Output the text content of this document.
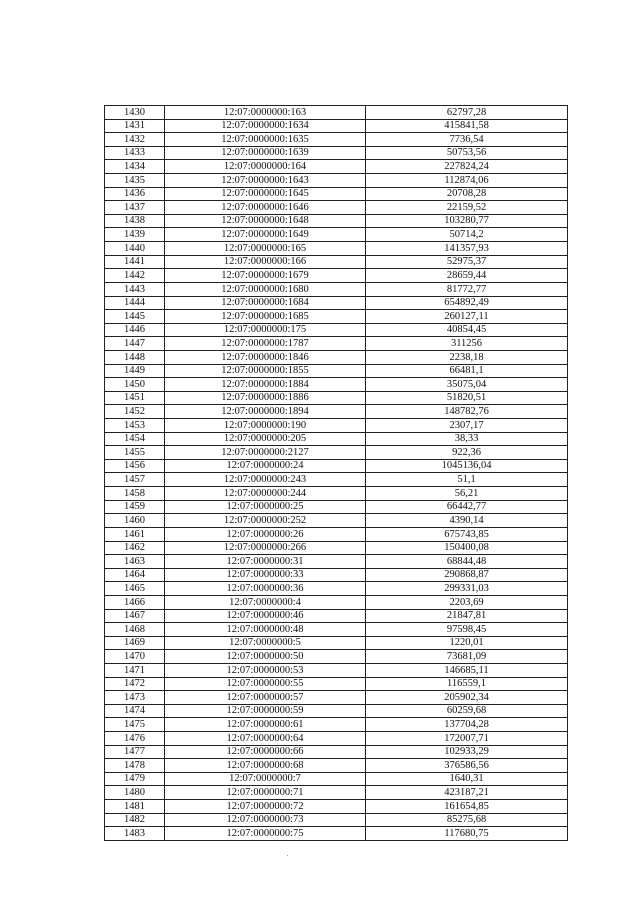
1430	12:07:0000000:163	62797,28
1431	12:07:0000000:1634	415841,58
1432	12:07:0000000:1635	7736,54
1433	12:07:0000000:1639	50753,56
1434	12:07:0000000:164	227824,24
1435	12:07:0000000:1643	112874,06
1436	12:07:0000000:1645	20708,28
1437	12:07:0000000:1646	22159,52
1438	12:07:0000000:1648	103280,77
1439	12:07:0000000:1649	50714,2
1440	12:07:0000000:165	141357,93
1441	12:07:0000000:166	52975,37
1442	12:07:0000000:1679	28659,44
1443	12:07:0000000:1680	81772,77
1444	12:07:0000000:1684	654892,49
1445	12:07:0000000:1685	260127,11
1446	12:07:0000000:175	40854,45
1447	12:07:0000000:1787	311256
1448	12:07:0000000:1846	2238,18
1449	12:07:0000000:1855	66481,1
1450	12:07:0000000:1884	35075,04
1451	12:07:0000000:1886	51820,51
1452	12:07:0000000:1894	148782,76
1453	12:07:0000000:190	2307,17
1454	12:07:0000000:205	38,33
1455	12:07:0000000:2127	922,36
1456	12:07:0000000:24	1045136,04
1457	12:07:0000000:243	51,1
1458	12:07:0000000:244	56,21
1459	12:07:0000000:25	66442,77
1460	12:07:0000000:252	4390,14
1461	12:07:0000000:26	675743,85
1462	12:07:0000000:266	150400,08
1463	12:07:0000000:31	68844,48
1464	12:07:0000000:33	290868,87
1465	12:07:0000000:36	299331,03
1466	12:07:0000000:4	2203,69
1467	12:07:0000000:46	21847,81
1468	12:07:0000000:48	97598,45
1469	12:07:0000000:5	1220,01
1470	12:07:0000000:50	73681,09
1471	12:07:0000000:53	146685,11
1472	12:07:0000000:55	116559,1
1473	12:07:0000000:57	205902,34
1474	12:07:0000000:59	60259,68
1475	12:07:0000000:61	137704,28
1476	12:07:0000000:64	172007,71
1477	12:07:0000000:66	102933,29
1478	12:07:0000000:68	376586,56
1479	12:07:0000000:7	1640,31
1480	12:07:0000000:71	423187,21
1481	12:07:0000000:72	161654,85
1482	12:07:0000000:73	85275,68
1483	12:07:0000000:75	117680,75
